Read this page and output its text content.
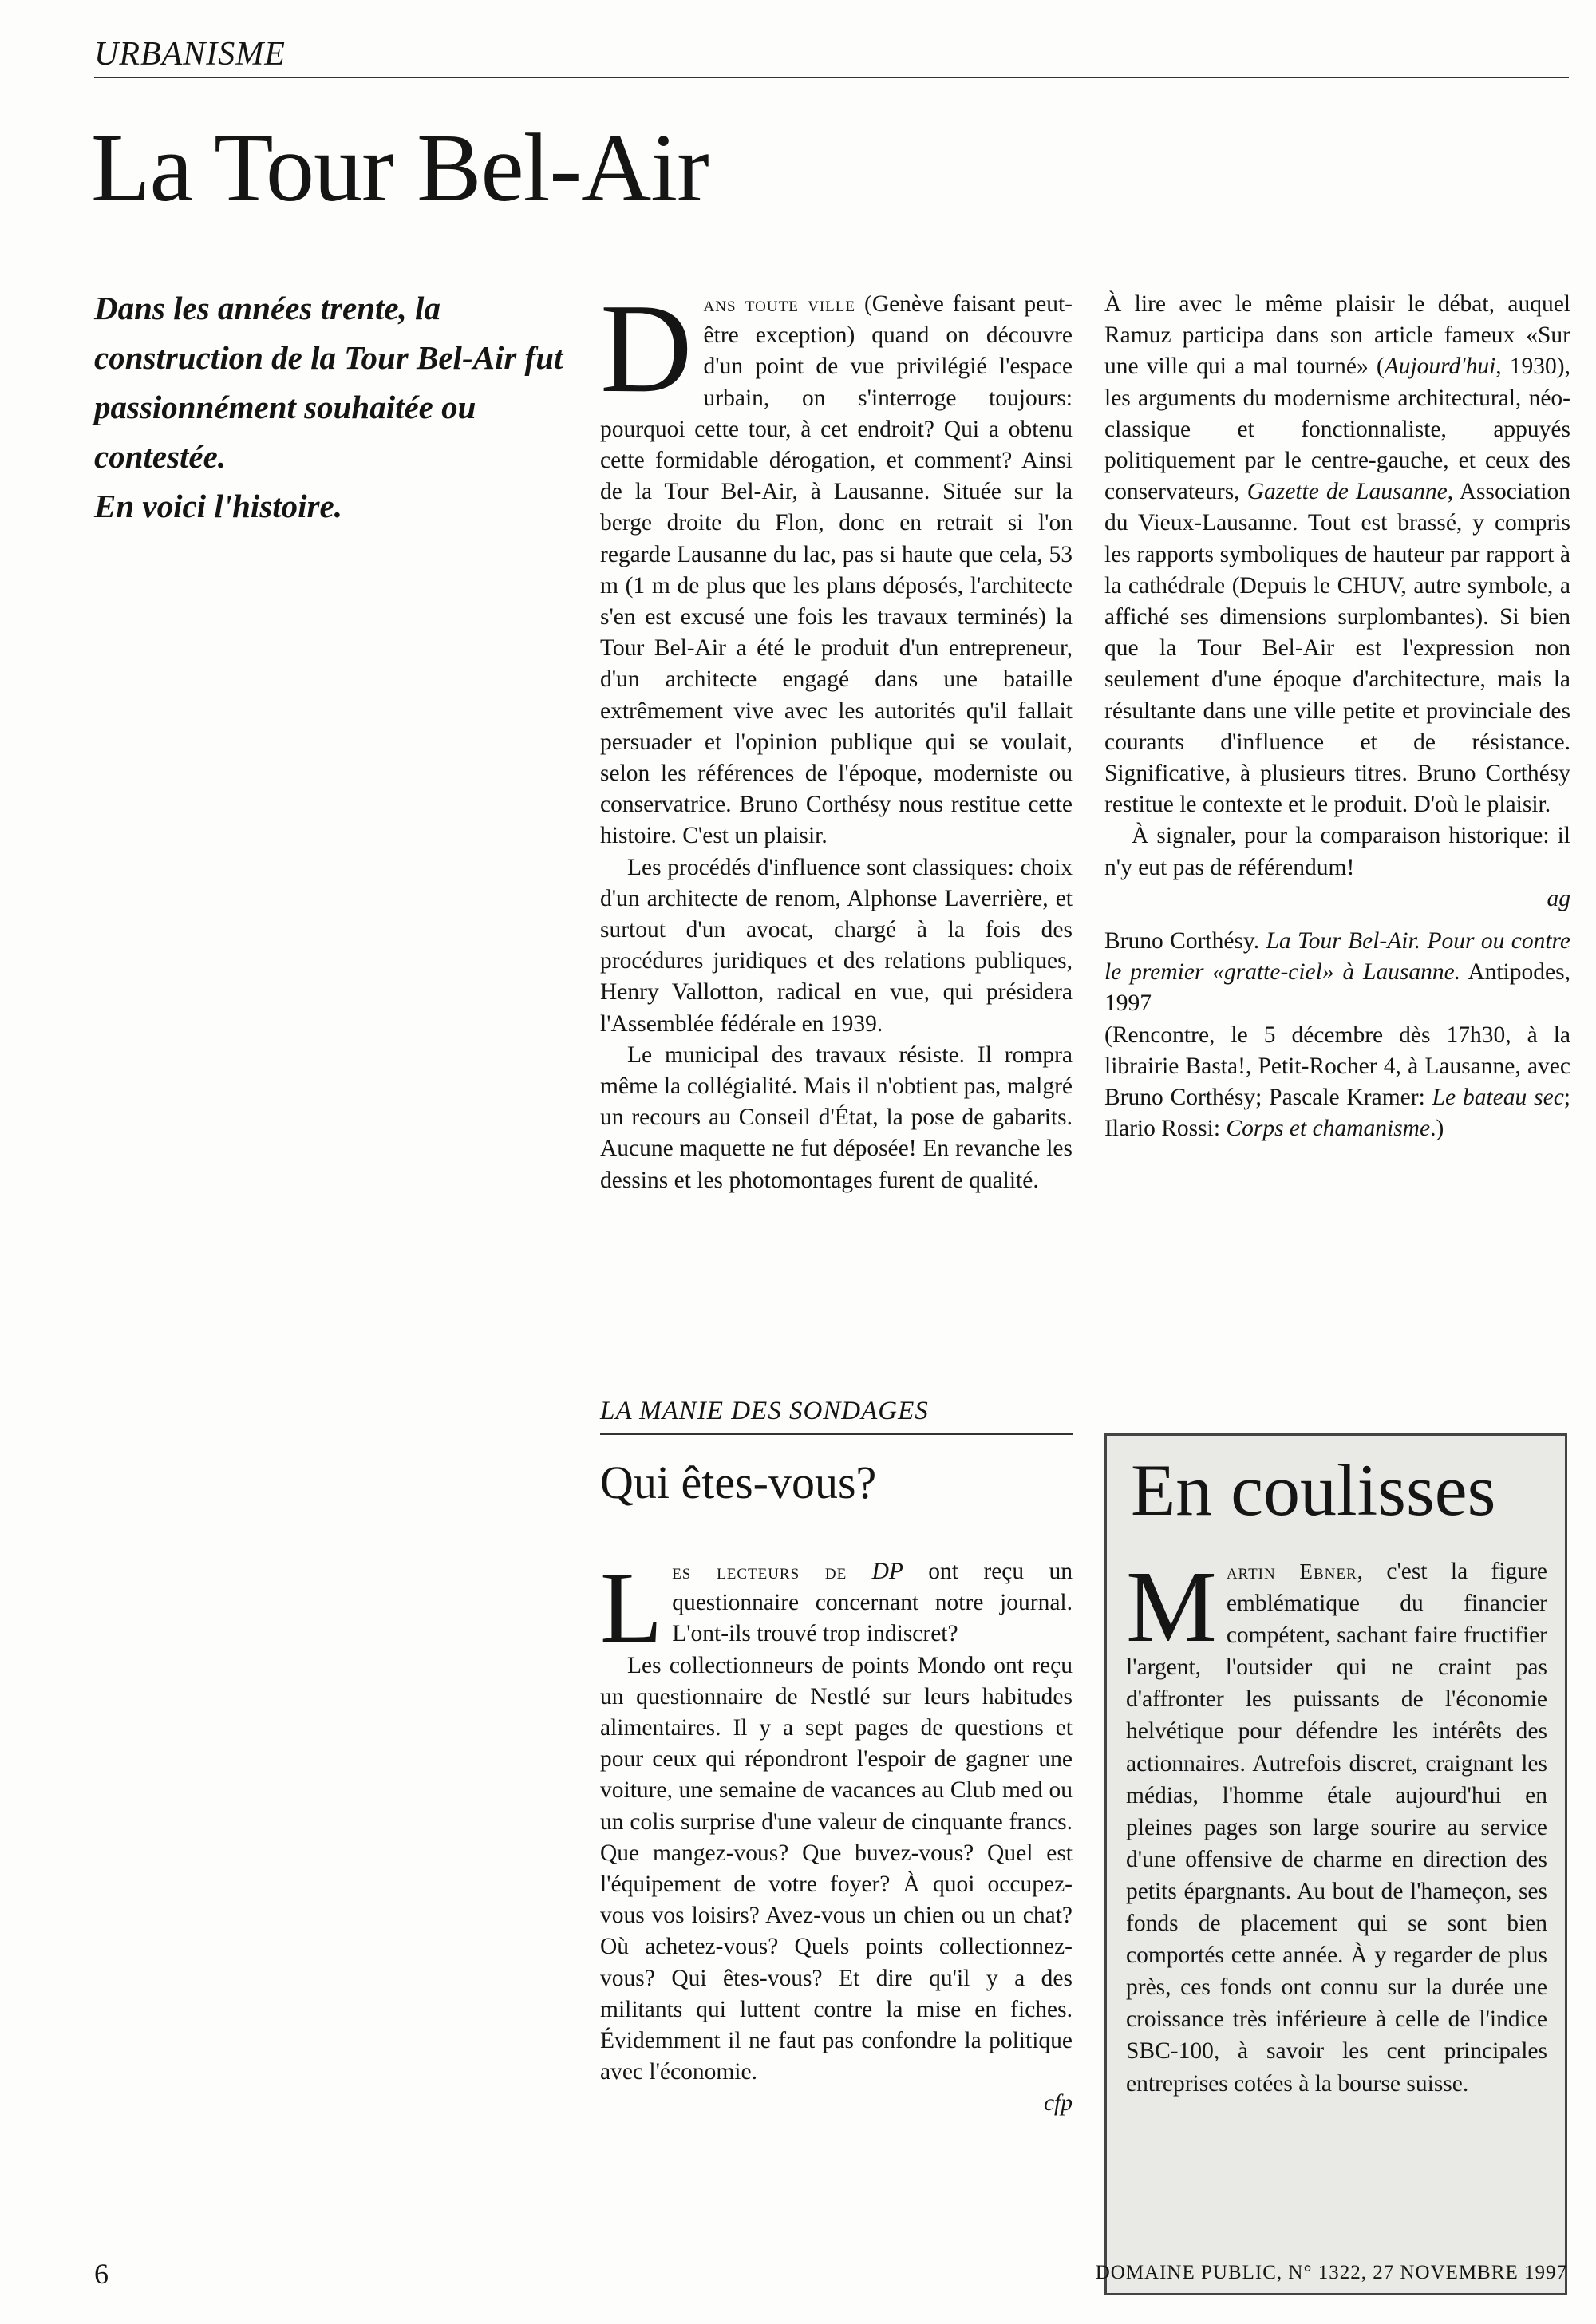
URBANISME
La Tour Bel-Air

Dans les années trente, la construction de la Tour Bel-Air fut passionnément souhaitée ou contestée.

En voici l'histoire.

Dans toute ville (Genève faisant peut-être exception) quand on découvre d'un point de vue privilégié l'espace urbain, on s'interroge toujours: pourquoi cette tour, à cet endroit? Qui a obtenu cette formidable dérogation, et comment? Ainsi de la Tour Bel-Air, à Lausanne. Située sur la berge droite du Flon, donc en retrait si l'on regarde Lausanne du lac, pas si haute que cela, 53 m (1 m de plus que les plans déposés, l'architecte s'en est excusé une fois les travaux terminés) la Tour Bel-Air a été le produit d'un entrepreneur, d'un architecte engagé dans une bataille extrêmement vive avec les autorités qu'il fallait persuader et l'opinion publique qui se voulait, selon les références de l'époque, moderniste ou conservatrice. Bruno Corthésy nous restitue cette histoire. C'est un plaisir.

Les procédés d'influence sont classiques: choix d'un architecte de renom, Alphonse Laverrière, et surtout d'un avocat, chargé à la fois des procédures juridiques et des relations publiques, Henry Vallotton, radical en vue, qui présidera l'Assemblée fédérale en 1939.

Le municipal des travaux résiste. Il rompra même la collégialité. Mais il n'obtient pas, malgré un recours au Conseil d'État, la pose de gabarits. Aucune maquette ne fut déposée! En revanche les dessins et les photomontages furent de qualité.

À lire avec le même plaisir le débat, auquel Ramuz participa dans son article fameux «Sur une ville qui a mal tourné» (Aujourd'hui, 1930), les arguments du modernisme architectural, néo-classique et fonctionnaliste, appuyés politiquement par le centre-gauche, et ceux des conservateurs, Gazette de Lausanne, Association du Vieux-Lausanne. Tout est brassé, y compris les rapports symboliques de hauteur par rapport à la cathédrale (Depuis le CHUV, autre symbole, a affiché ses dimensions surplombantes). Si bien que la Tour Bel-Air est l'expression non seulement d'une époque d'architecture, mais la résultante dans une ville petite et provinciale des courants d'influence et de résistance. Significative, à plusieurs titres. Bruno Corthésy restitue le contexte et le produit. D'où le plaisir.

À signaler, pour la comparaison historique: il n'y eut pas de référendum!

ag

Bruno Corthésy. La Tour Bel-Air. Pour ou contre le premier «gratte-ciel» à Lausanne. Antipodes, 1997

(Rencontre, le 5 décembre dès 17h30, à la librairie Basta!, Petit-Rocher 4, à Lausanne, avec Bruno Corthésy; Pascale Kramer: Le bateau sec; Ilario Rossi: Corps et chamanisme.)

LA MANIE DES SONDAGES
Qui êtes-vous?

Les lecteurs de DP ont reçu un questionnaire concernant notre journal. L'ont-ils trouvé trop indiscret?

Les collectionneurs de points Mondo ont reçu un questionnaire de Nestlé sur leurs habitudes alimentaires. Il y a sept pages de questions et pour ceux qui répondront l'espoir de gagner une voiture, une semaine de vacances au Club med ou un colis surprise d'une valeur de cinquante francs. Que mangez-vous? Que buvez-vous? Quel est l'équipement de votre foyer? À quoi occupez-vous vos loisirs? Avez-vous un chien ou un chat? Où achetez-vous? Quels points collectionnez-vous? Qui êtes-vous? Et dire qu'il y a des militants qui luttent contre la mise en fiches. Évidemment il ne faut pas confondre la politique avec l'économie.

cfp
En coulisses

Martin Ebner, c'est la figure emblématique du financier compétent, sachant faire fructifier l'argent, l'outsider qui ne craint pas d'affronter les puissants de l'économie helvétique pour défendre les intérêts des actionnaires. Autrefois discret, craignant les médias, l'homme étale aujourd'hui en pleines pages son large sourire au service d'une offensive de charme en direction des petits épargnants. Au bout de l'hameçon, ses fonds de placement qui se sont bien comportés cette année. À y regarder de plus près, ces fonds ont connu sur la durée une croissance très inférieure à celle de l'indice SBC-100, à savoir les cent principales entreprises cotées à la bourse suisse.

6	DOMAINE PUBLIC, N° 1322, 27 NOVEMBRE 1997
